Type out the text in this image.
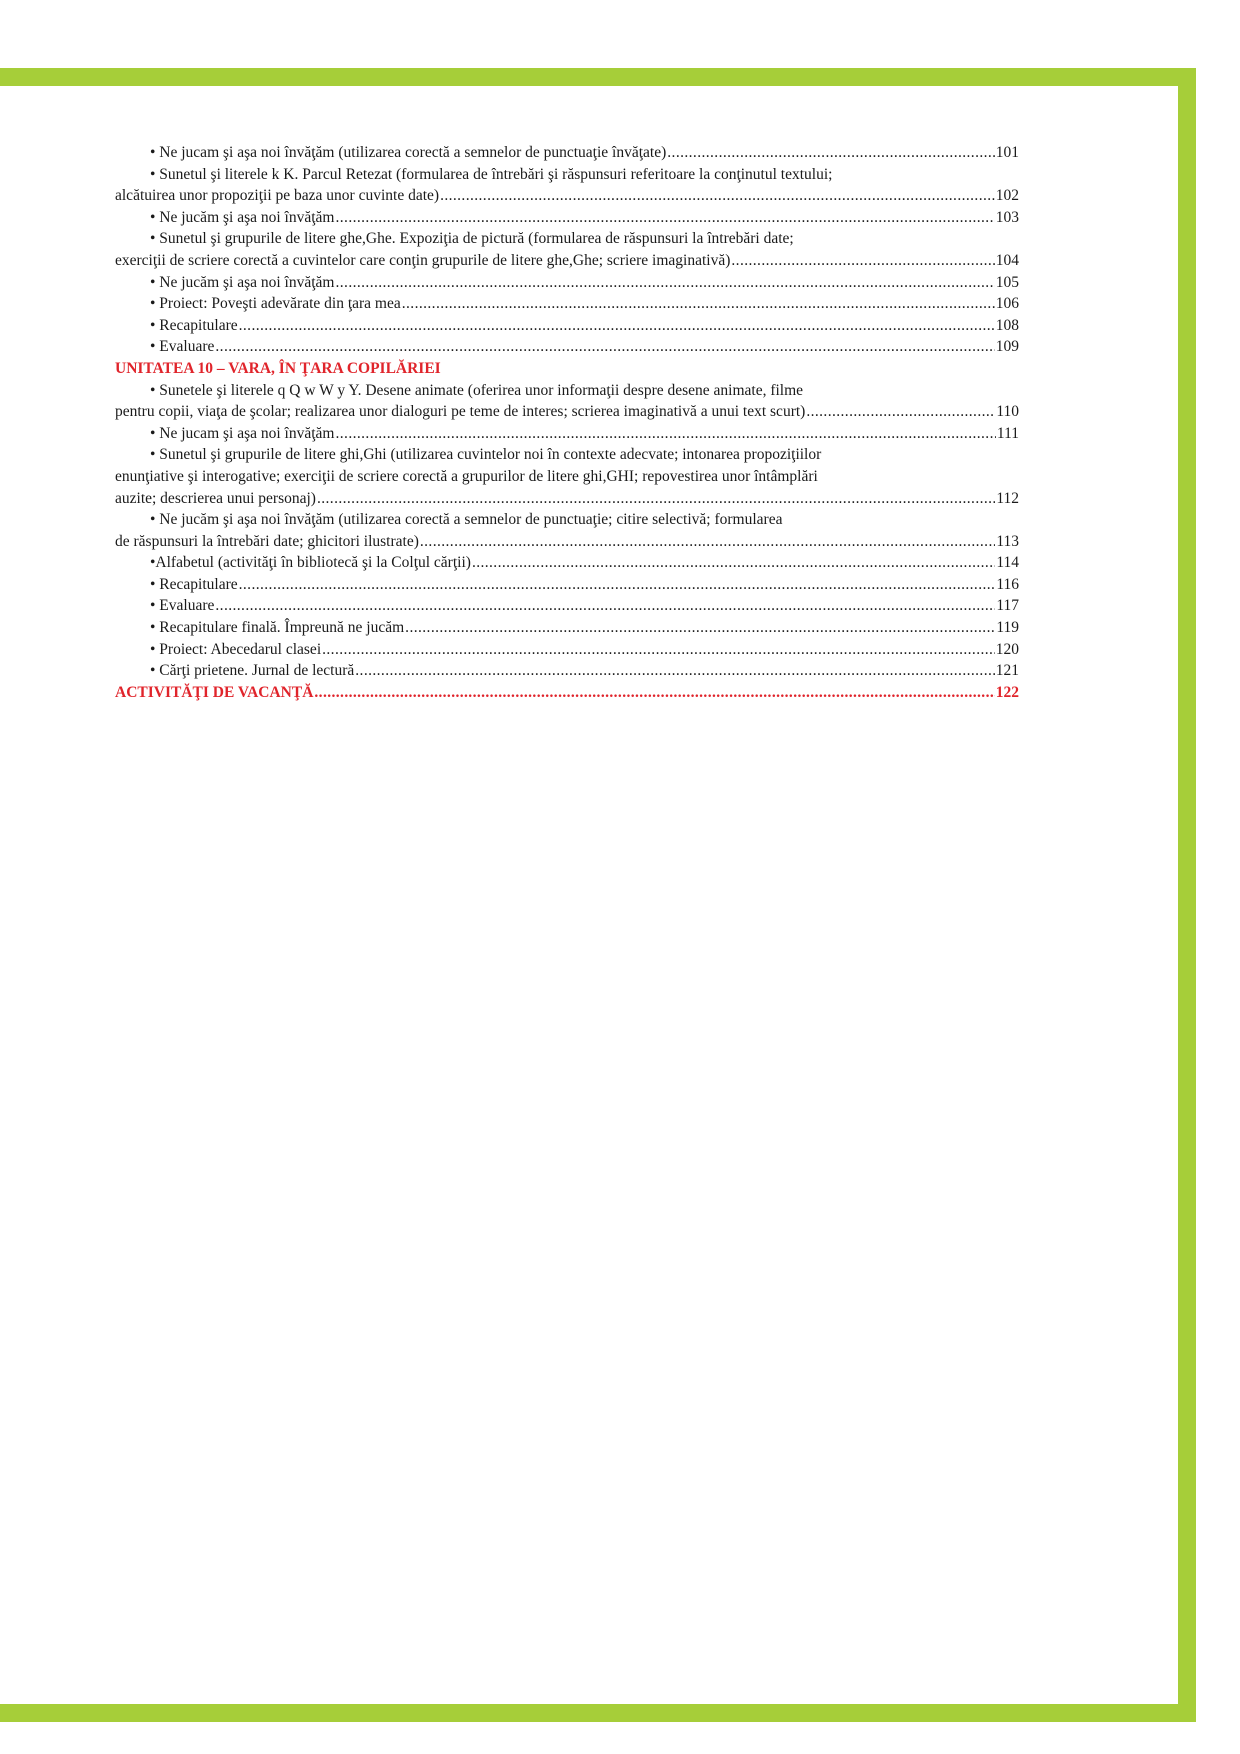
• Ne jucam şi aşa noi învăţăm (utilizarea corectă a semnelor de punctuaţie învăţate) .....	101
• Sunetul şi literele k K. Parcul Retezat (formularea de întrebări şi răspunsuri referitoare la conţinutul textului;
alcătuirea unor propoziţii pe baza unor cuvinte date) .....	102
• Ne jucăm şi aşa noi învăţăm .....	103
• Sunetul şi grupurile de litere ghe,Ghe. Expoziţia de pictură (formularea de răspunsuri la întrebări date;
exerciţii de scriere corectă a cuvintelor care conţin grupurile de litere ghe,Ghe; scriere imaginativă) .....	104
• Ne jucăm şi aşa noi învăţăm .....	105
• Proiect: Poveşti adevărate din ţara mea .....	106
• Recapitulare .....	108
• Evaluare .....	109
UNITATEA 10 – VARA, ÎN ŢARA COPILĂRIEI
• Sunetele şi literele q Q w W y Y. Desene animate (oferirea unor informaţii despre desene animate, filme
pentru copii, viaţa de şcolar; realizarea unor dialoguri pe teme de interes; scrierea imaginativă a unui text scurt) .....	110
• Ne jucam şi aşa noi învăţăm .....	111
• Sunetul şi grupurile de litere ghi,Ghi (utilizarea cuvintelor noi în contexte adecvate; intonarea propoziţiilor
enunţiative şi interogative; exerciţii de scriere corectă a grupurilor de litere ghi,GHI; repovestirea unor întâmplări
auzite; descrierea unui personaj) .....	112
• Ne jucăm şi aşa noi învăţăm (utilizarea corectă a semnelor de punctuaţie; citire selectivă; formularea
de răspunsuri la întrebări date; ghicitori ilustrate) .....	113
•Alfabetul (activităţi în bibliotecă şi la Colţul cărţii) .....	114
• Recapitulare .....	116
• Evaluare .....	117
• Recapitulare finală. Împreună ne jucăm .....	119
• Proiect: Abecedarul clasei .....	120
• Cărţi prietene. Jurnal de lectură .....	121
ACTIVITĂŢI DE VACANŢĂ .....	122
